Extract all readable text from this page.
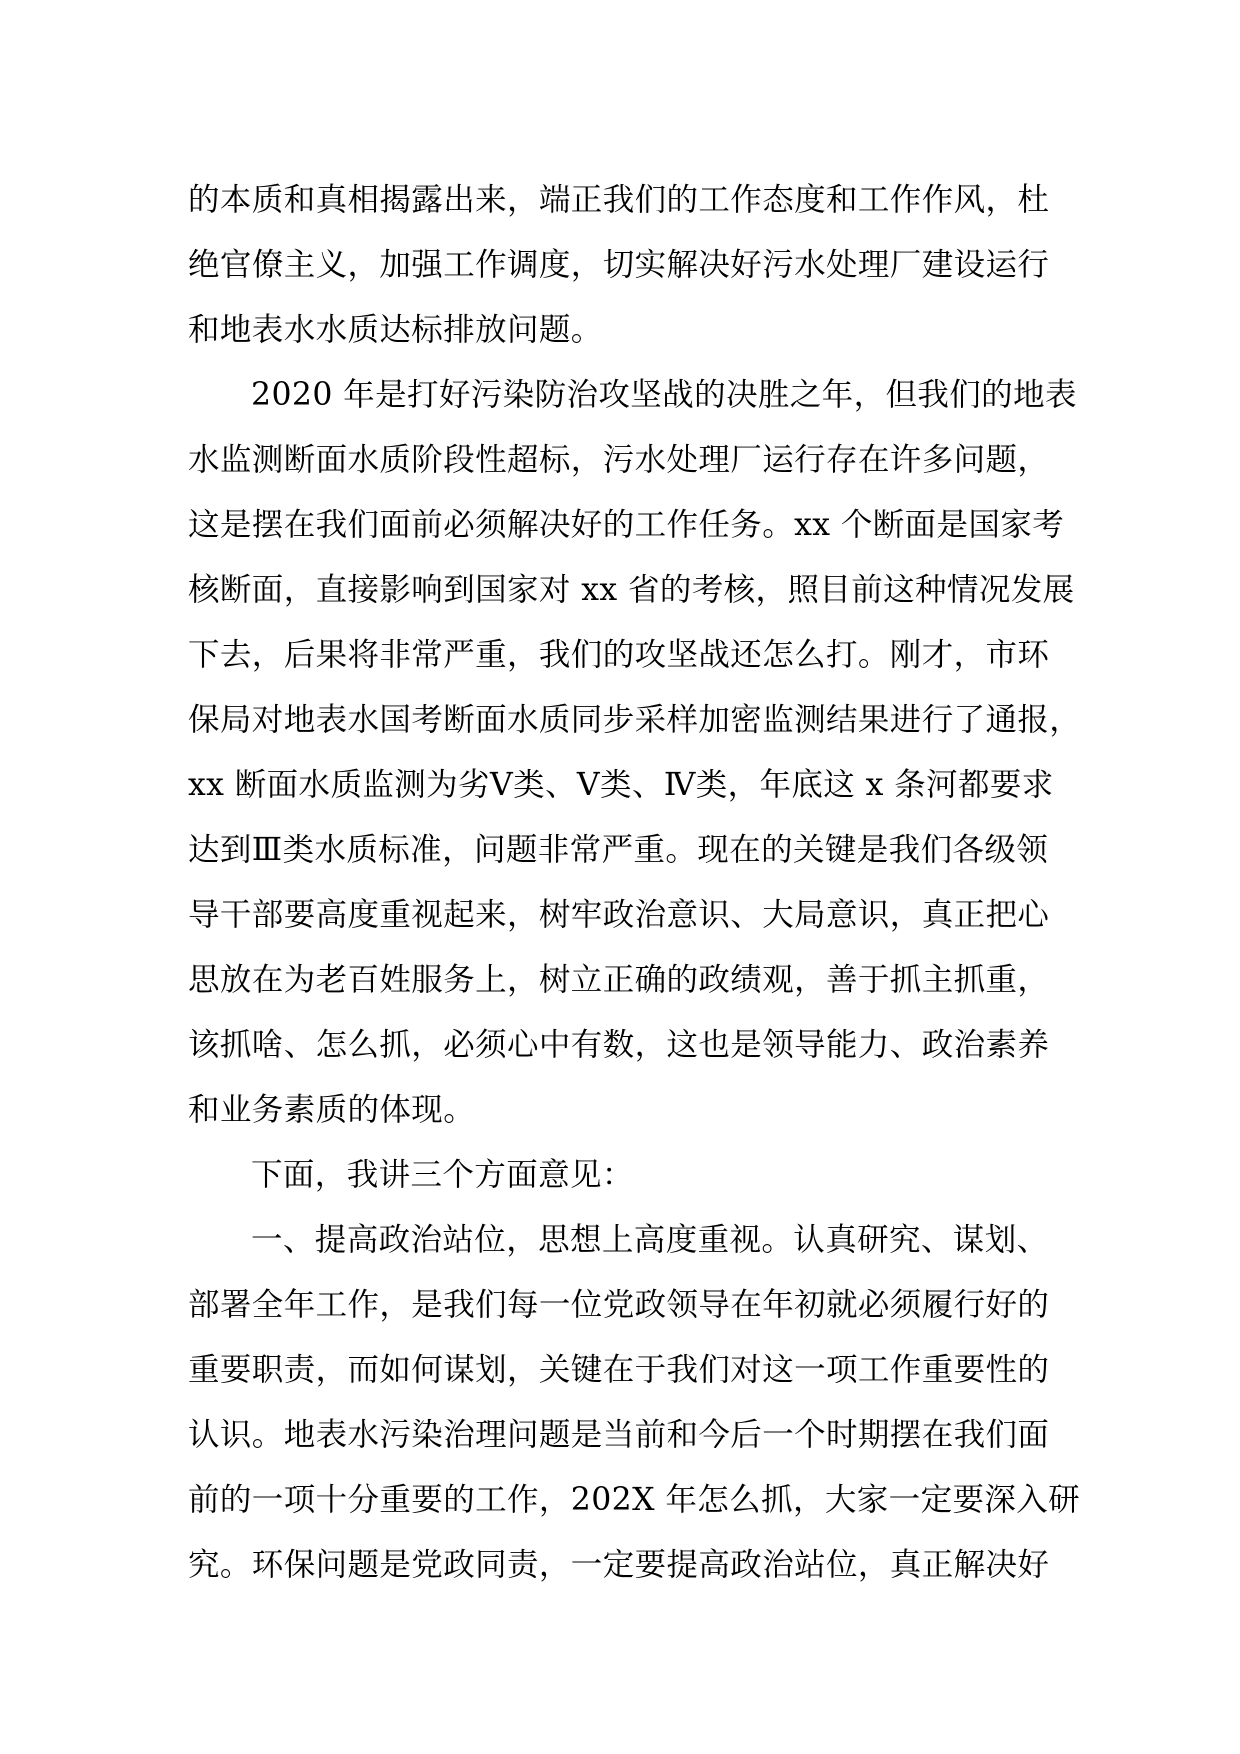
的本质和真相揭露出来，端正我们的工作态度和工作作风，杜
绝官僚主义，加强工作调度，切实解决好污水处理厂建设运行
和地表水水质达标排放问题。
2020 年是打好污染防治攻坚战的决胜之年，但我们的地表
水监测断面水质阶段性超标，污水处理厂运行存在许多问题，
这是摆在我们面前必须解决好的工作任务。xx 个断面是国家考
核断面，直接影响到国家对 xx 省的考核，照目前这种情况发展
下去，后果将非常严重，我们的攻坚战还怎么打。刚才，市环
保局对地表水国考断面水质同步采样加密监测结果进行了通报，
xx 断面水质监测为劣Ⅴ类、Ⅴ类、Ⅳ类，年底这 x 条河都要求
达到Ⅲ类水质标准，问题非常严重。现在的关键是我们各级领
导干部要高度重视起来，树牢政治意识、大局意识，真正把心
思放在为老百姓服务上，树立正确的政绩观，善于抓主抓重，
该抓啥、怎么抓，必须心中有数，这也是领导能力、政治素养
和业务素质的体现。
下面，我讲三个方面意见：
一、提高政治站位，思想上高度重视。认真研究、谋划、
部署全年工作，是我们每一位党政领导在年初就必须履行好的
重要职责，而如何谋划，关键在于我们对这一项工作重要性的
认识。地表水污染治理问题是当前和今后一个时期摆在我们面
前的一项十分重要的工作，202X 年怎么抓，大家一定要深入研
究。环保问题是党政同责，一定要提高政治站位，真正解决好
